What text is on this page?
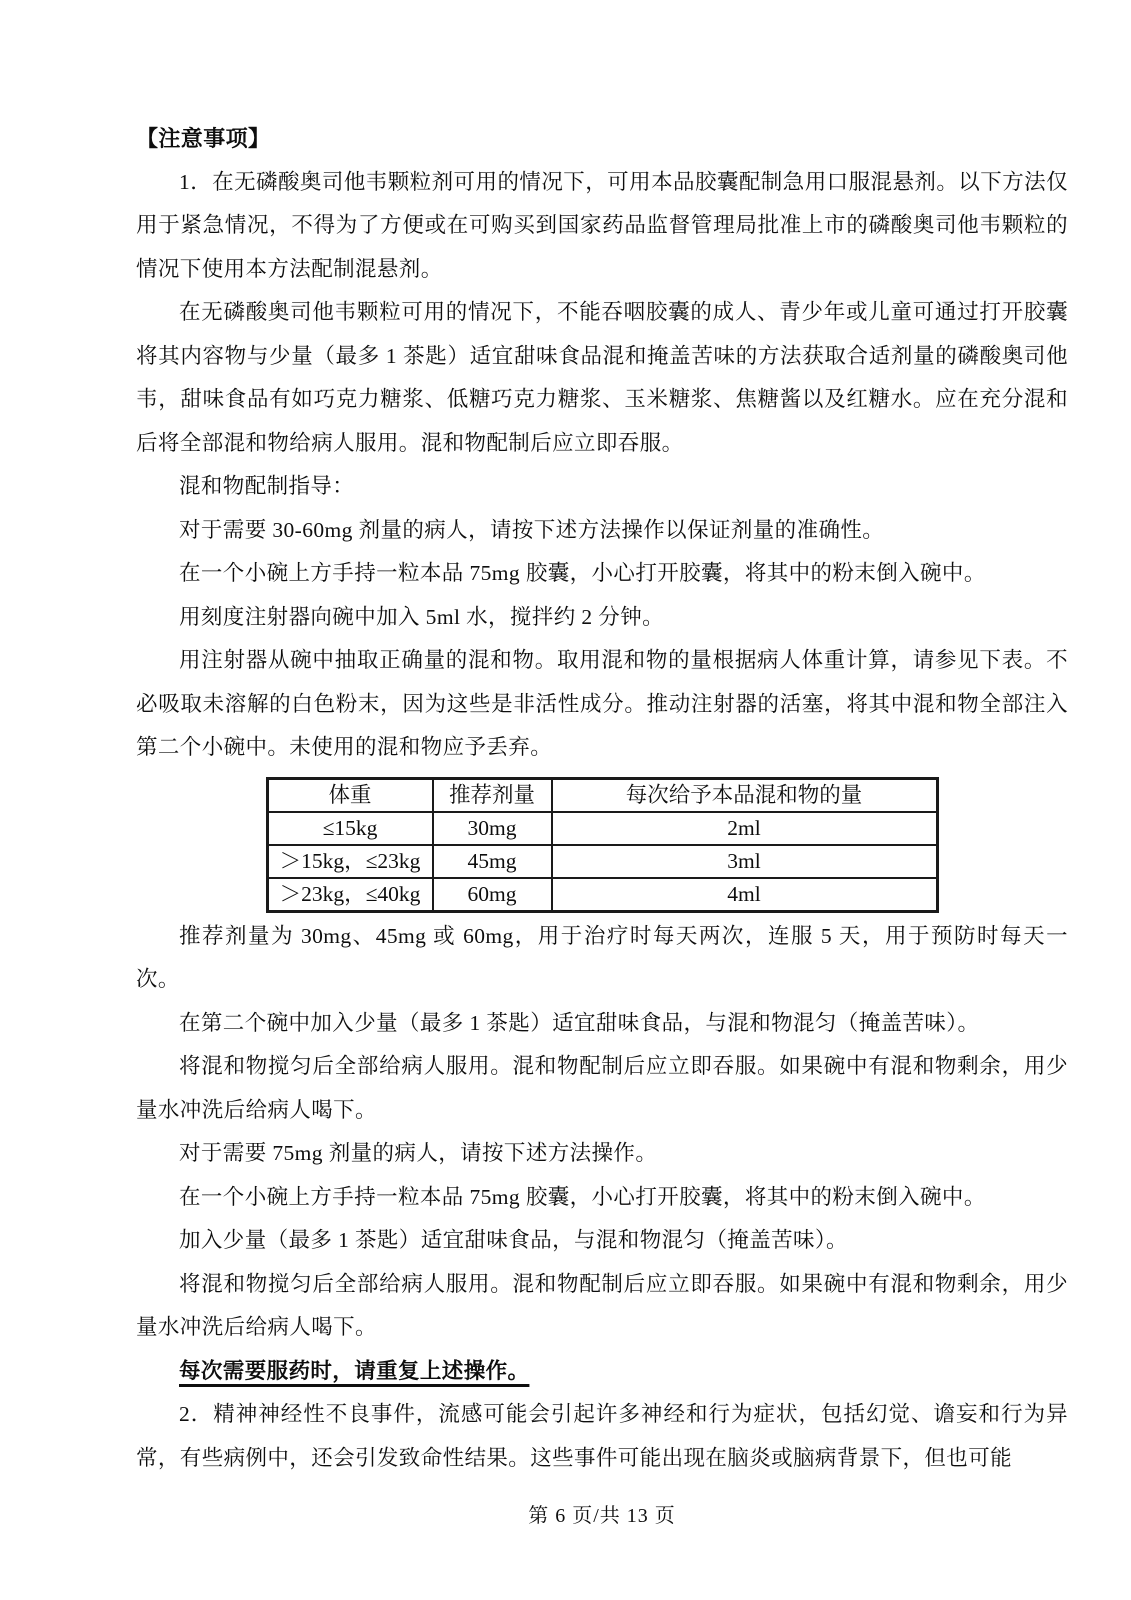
【注意事项】

1．在无磷酸奥司他韦颗粒剂可用的情况下，可用本品胶囊配制急用口服混悬剂。以下方法仅用于紧急情况，不得为了方便或在可购买到国家药品监督管理局批准上市的磷酸奥司他韦颗粒的情况下使用本方法配制混悬剂。

在无磷酸奥司他韦颗粒可用的情况下，不能吞咽胶囊的成人、青少年或儿童可通过打开胶囊将其内容物与少量（最多 1 茶匙）适宜甜味食品混和掩盖苦味的方法获取合适剂量的磷酸奥司他韦，甜味食品有如巧克力糖浆、低糖巧克力糖浆、玉米糖浆、焦糖酱以及红糖水。应在充分混和后将全部混和物给病人服用。混和物配制后应立即吞服。

混和物配制指导：

对于需要 30-60mg 剂量的病人，请按下述方法操作以保证剂量的准确性。

在一个小碗上方手持一粒本品 75mg 胶囊，小心打开胶囊，将其中的粉末倒入碗中。

用刻度注射器向碗中加入 5ml 水，搅拌约 2 分钟。

用注射器从碗中抽取正确量的混和物。取用混和物的量根据病人体重计算，请参见下表。不必吸取未溶解的白色粉末，因为这些是非活性成分。推动注射器的活塞，将其中混和物全部注入第二个小碗中。未使用的混和物应予丢弃。

体重	推荐剂量	每次给予本品混和物的量
≤15kg	30mg	2ml
＞15kg，≤23kg	45mg	3ml
＞23kg，≤40kg	60mg	4ml

推荐剂量为 30mg、45mg 或 60mg，用于治疗时每天两次，连服 5 天，用于预防时每天一次。

在第二个碗中加入少量（最多 1 茶匙）适宜甜味食品，与混和物混匀（掩盖苦味）。

将混和物搅匀后全部给病人服用。混和物配制后应立即吞服。如果碗中有混和物剩余，用少量水冲洗后给病人喝下。

对于需要 75mg 剂量的病人，请按下述方法操作。

在一个小碗上方手持一粒本品 75mg 胶囊，小心打开胶囊，将其中的粉末倒入碗中。

加入少量（最多 1 茶匙）适宜甜味食品，与混和物混匀（掩盖苦味）。

将混和物搅匀后全部给病人服用。混和物配制后应立即吞服。如果碗中有混和物剩余，用少量水冲洗后给病人喝下。

每次需要服药时，请重复上述操作。

2．精神神经性不良事件，流感可能会引起许多神经和行为症状，包括幻觉、谵妄和行为异常，有些病例中，还会引发致命性结果。这些事件可能出现在脑炎或脑病背景下，但也可能

第 6 页/共 13 页
